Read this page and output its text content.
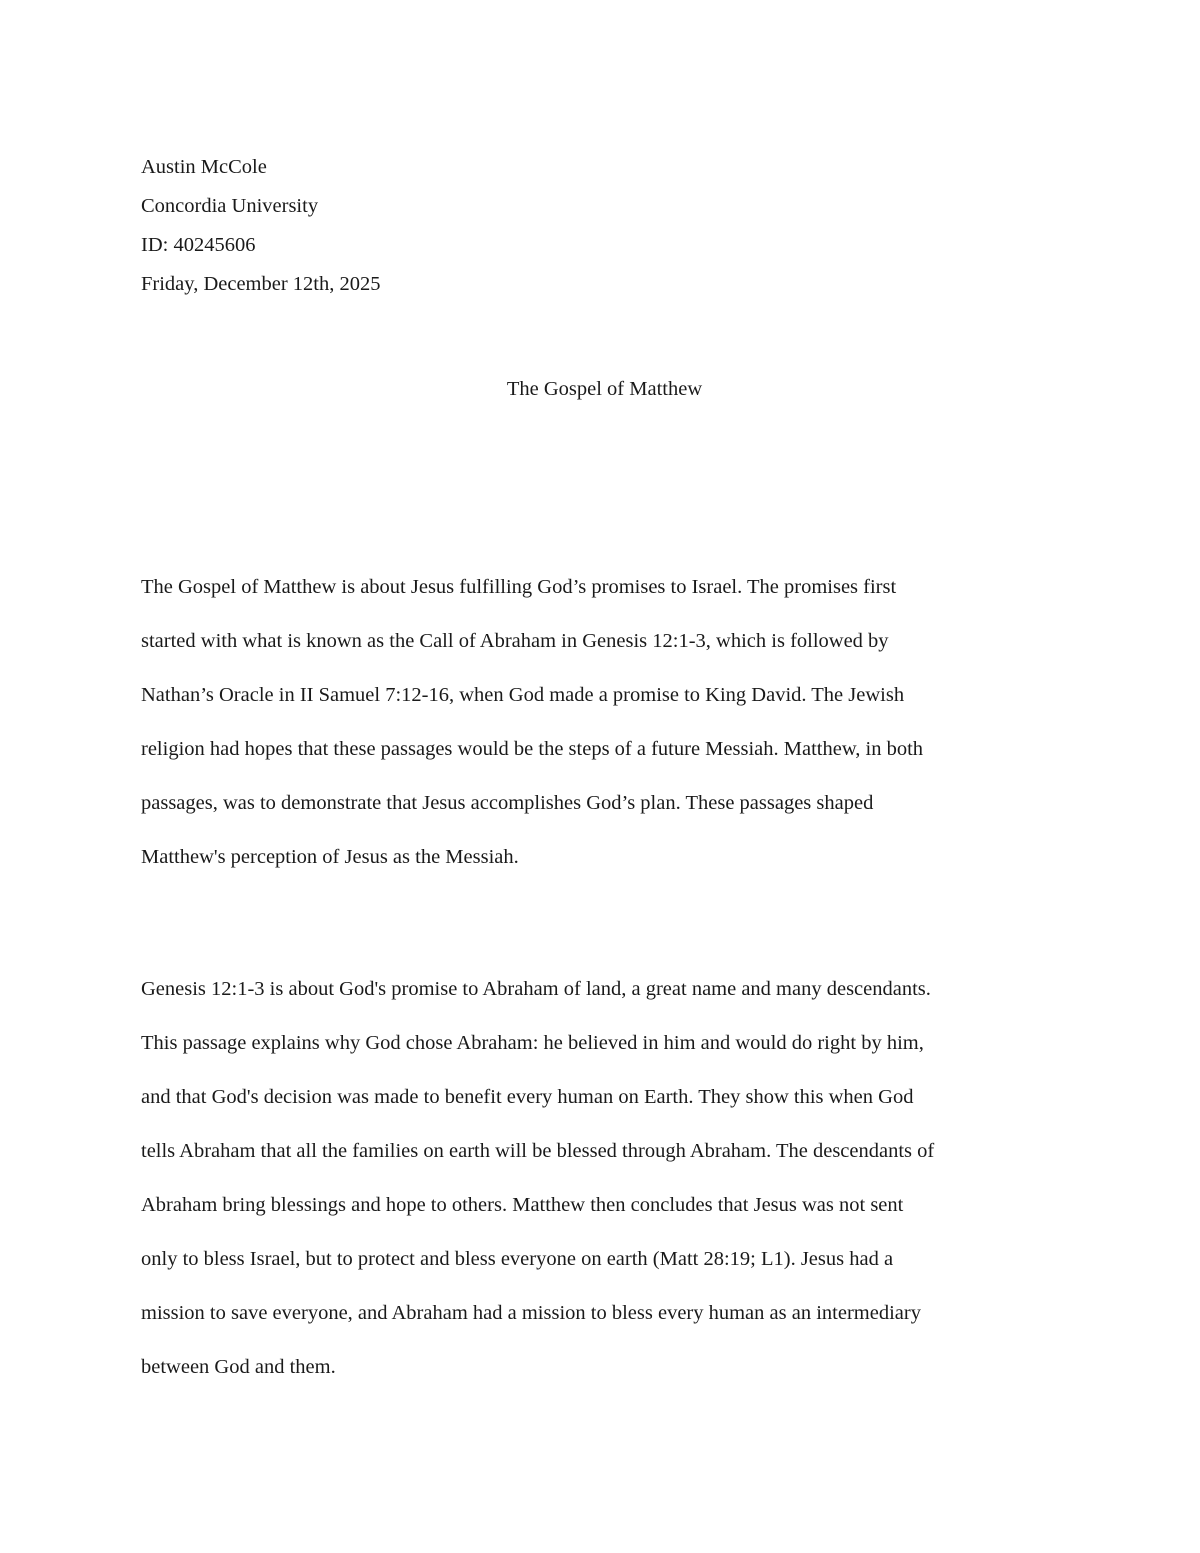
Austin McCole
Concordia University
ID: 40245606
Friday, December 12th, 2025
The Gospel of Matthew
The Gospel of Matthew is about Jesus fulfilling God’s promises to Israel. The promises first
started with what is known as the Call of Abraham in Genesis 12:1-3, which is followed by
Nathan’s Oracle in II Samuel 7:12-16, when God made a promise to King David. The Jewish
religion had hopes that these passages would be the steps of a future Messiah. Matthew, in both
passages, was to demonstrate that Jesus accomplishes God’s plan. These passages shaped
Matthew's perception of Jesus as the Messiah.
Genesis 12:1-3 is about God's promise to Abraham of land, a great name and many descendants.
This passage explains why God chose Abraham: he believed in him and would do right by him,
and that God's decision was made to benefit every human on Earth. They show this when God
tells Abraham that all the families on earth will be blessed through Abraham. The descendants of
Abraham bring blessings and hope to others. Matthew then concludes that Jesus was not sent
only to bless Israel, but to protect and bless everyone on earth (Matt 28:19; L1). Jesus had a
mission to save everyone, and Abraham had a mission to bless every human as an intermediary
between God and them.
